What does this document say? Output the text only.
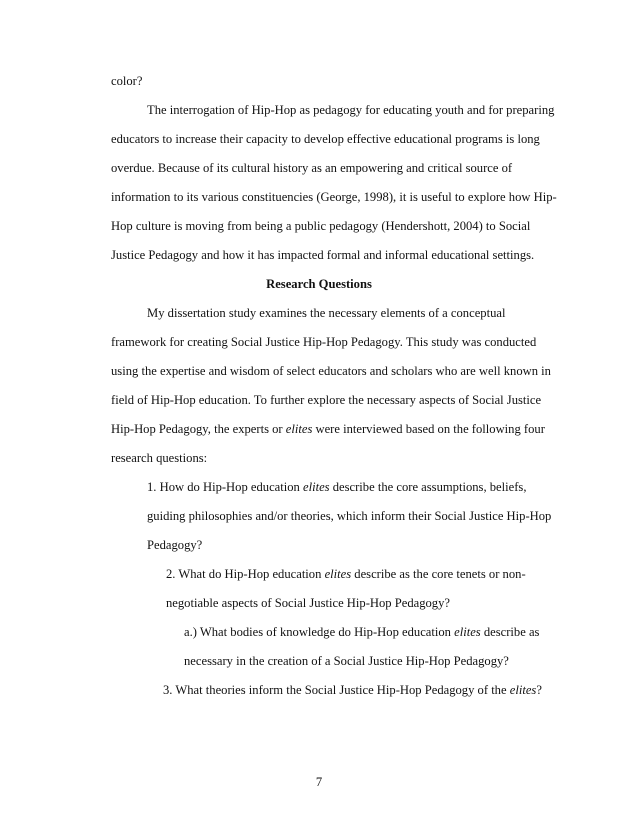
color?
The interrogation of Hip-Hop as pedagogy for educating youth and for preparing
educators to increase their capacity to develop effective educational programs is long
overdue. Because of its cultural history as an empowering and critical source of
information to its various constituencies (George, 1998), it is useful to explore how Hip-
Hop culture is moving from being a public pedagogy (Hendershott, 2004) to Social
Justice Pedagogy and how it has impacted formal and informal educational settings.
Research Questions
My dissertation study examines the necessary elements of a conceptual
framework for creating Social Justice Hip-Hop Pedagogy. This study was conducted
using the expertise and wisdom of select educators and scholars who are well known in
field of Hip-Hop education. To further explore the necessary aspects of Social Justice
Hip-Hop Pedagogy, the experts or elites were interviewed based on the following four
research questions:
1. How do Hip-Hop education elites describe the core assumptions, beliefs,
guiding philosophies and/or theories, which inform their Social Justice Hip-Hop
Pedagogy?
2. What do Hip-Hop education elites describe as the core tenets or non-
negotiable aspects of Social Justice Hip-Hop Pedagogy?
a.) What bodies of knowledge do Hip-Hop education elites describe as
necessary in the creation of a Social Justice Hip-Hop Pedagogy?
3. What theories inform the Social Justice Hip-Hop Pedagogy of the elites?
7
